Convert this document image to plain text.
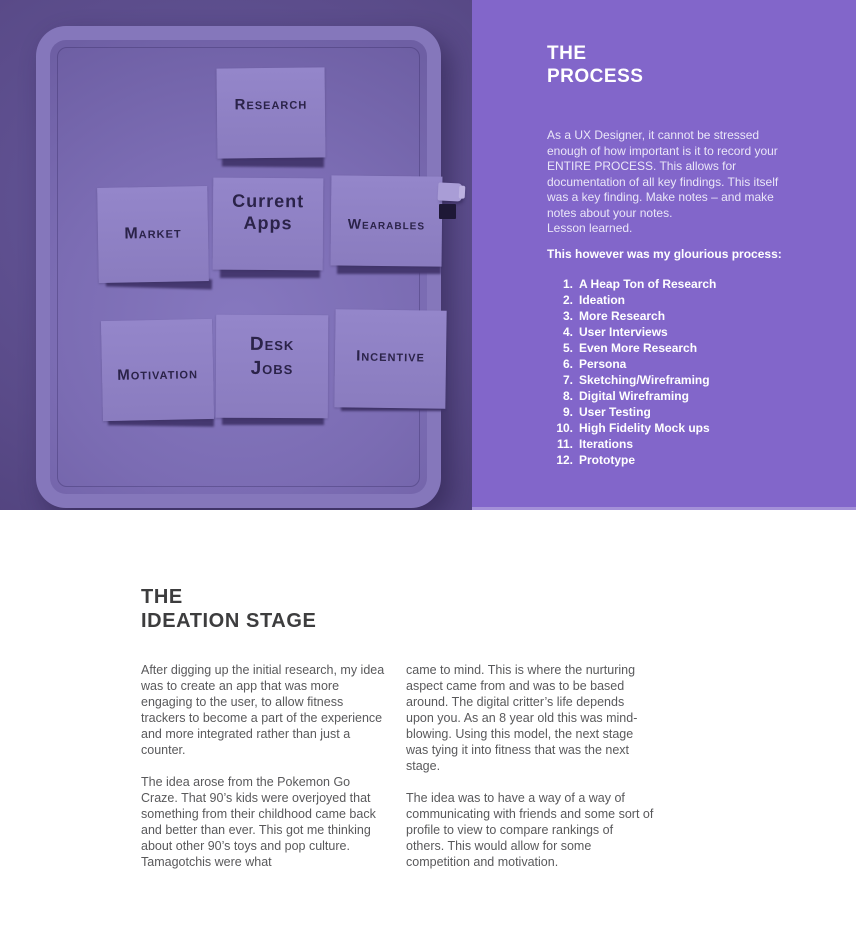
Research
Market
Current
Apps	Wearables
Motivation
Desk
Jobs
Incentive
THE
PROCESS

As a UX Designer, it cannot be stressed enough of how important is it to record your ENTIRE PROCESS. This allows for documentation of all key findings. This itself was a key finding. Make notes – and make notes about your notes.

Lesson learned.

This however was my glourious process:

1. A Heap Ton of Research
2. Ideation
3. More Research
4. User Interviews
5. Even More Research
6. Persona
7. Sketching/Wireframing
8. Digital Wireframing
9. User Testing
10. High Fidelity Mock ups
11. Iterations
12. Prototype
THE
IDEATION STAGE

After digging up the initial research, my idea was to create an app that was more engaging to the user, to allow fitness trackers to become a part of the experience and more integrated rather than just a counter.

The idea arose from the Pokemon Go Craze. That 90’s kids were overjoyed that something from their childhood came back and better than ever. This got me thinking about other 90’s toys and pop culture. Tamagotchis were what

came to mind. This is where the nurturing aspect came from and was to be based around. The digital critter’s life depends upon you. As an 8 year old this was mind-blowing. Using this model, the next stage was tying it into fitness that was the next stage.

The idea was to have a way of a way of communicating with friends and some sort of profile to view to compare rankings of others. This would allow for some competition and motivation.
